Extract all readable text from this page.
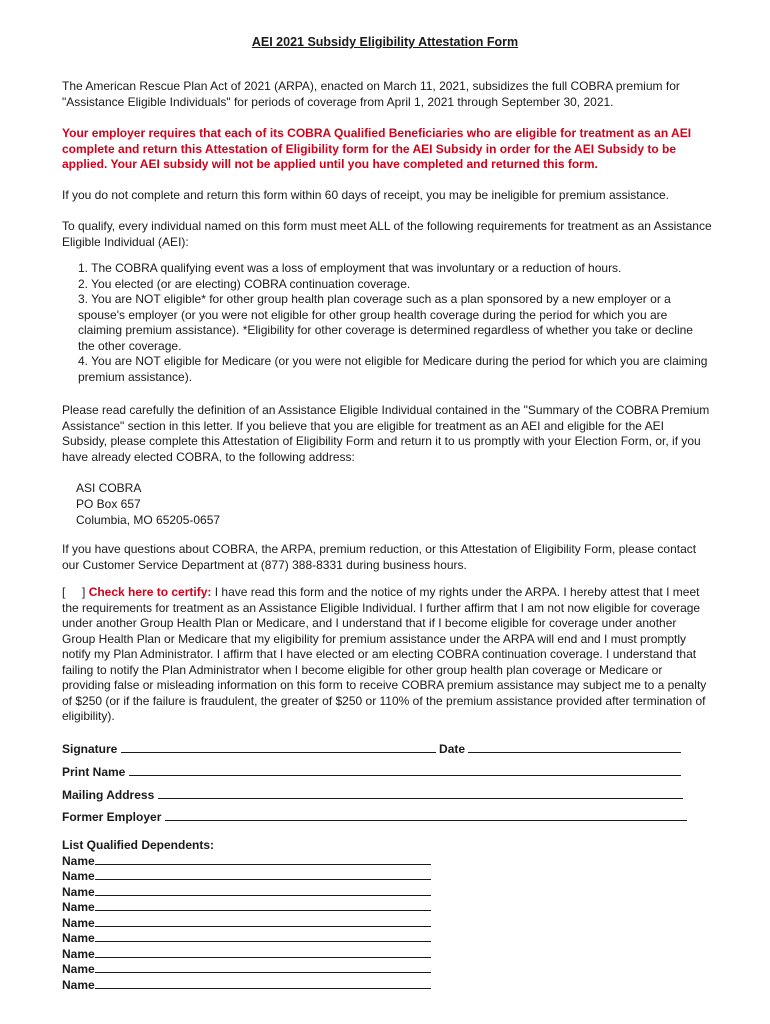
AEI 2021 Subsidy Eligibility Attestation Form

The American Rescue Plan Act of 2021 (ARPA), enacted on March 11, 2021, subsidizes the full COBRA premium for "Assistance Eligible Individuals" for periods of coverage from April 1, 2021 through September 30, 2021.

Your employer requires that each of its COBRA Qualified Beneficiaries who are eligible for treatment as an AEI complete and return this Attestation of Eligibility form for the AEI Subsidy in order for the AEI Subsidy to be applied. Your AEI subsidy will not be applied until you have completed and returned this form.

If you do not complete and return this form within 60 days of receipt, you may be ineligible for premium assistance.

To qualify, every individual named on this form must meet ALL of the following requirements for treatment as an Assistance Eligible Individual (AEI):

1. The COBRA qualifying event was a loss of employment that was involuntary or a reduction of hours.
2. You elected (or are electing) COBRA continuation coverage.
3. You are NOT eligible* for other group health plan coverage such as a plan sponsored by a new employer or a spouse's employer (or you were not eligible for other group health coverage during the period for which you are claiming premium assistance). *Eligibility for other coverage is determined regardless of whether you take or decline the other coverage.
4. You are NOT eligible for Medicare (or you were not eligible for Medicare during the period for which you are claiming premium assistance).

Please read carefully the definition of an Assistance Eligible Individual contained in the "Summary of the COBRA Premium Assistance" section in this letter. If you believe that you are eligible for treatment as an AEI and eligible for the AEI Subsidy, please complete this Attestation of Eligibility Form and return it to us promptly with your Election Form, or, if you have already elected COBRA, to the following address:

ASI COBRA
PO Box 657
Columbia, MO 65205-0657

If you have questions about COBRA, the ARPA, premium reduction, or this Attestation of Eligibility Form, please contact our Customer Service Department at (877) 388-8331 during business hours.

[     ] Check here to certify: I have read this form and the notice of my rights under the ARPA. I hereby attest that I meet the requirements for treatment as an Assistance Eligible Individual. I further affirm that I am not now eligible for coverage under another Group Health Plan or Medicare, and I understand that if I become eligible for coverage under another Group Health Plan or Medicare that my eligibility for premium assistance under the ARPA will end and I must promptly notify my Plan Administrator. I affirm that I have elected or am electing COBRA continuation coverage. I understand that failing to notify the Plan Administrator when I become eligible for other group health plan coverage or Medicare or providing false or misleading information on this form to receive COBRA premium assistance may subject me to a penalty of $250 (or if the failure is fraudulent, the greater of $250 or 110% of the premium assistance provided after termination of eligibility).

Signature	Date
Print Name
Mailing Address
Former Employer
List Qualified Dependents:
Name
Name
Name
Name
Name
Name
Name
Name
Name
